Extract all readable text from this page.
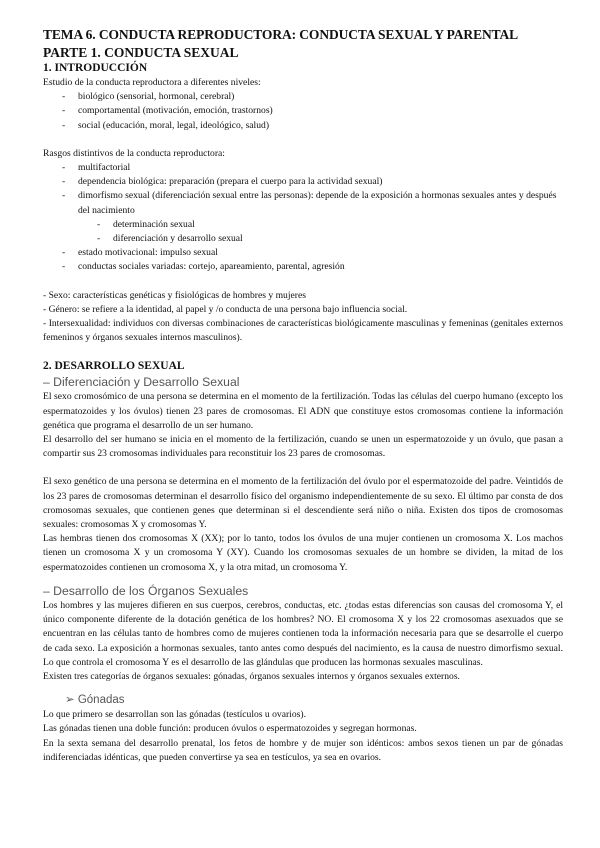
TEMA 6. CONDUCTA REPRODUCTORA: CONDUCTA SEXUAL Y PARENTAL

PARTE 1. CONDUCTA SEXUAL

1. INTRODUCCIÓN

Estudio de la conducta reproductora a diferentes niveles:

- biológico (sensorial, hormonal, cerebral)
- comportamental (motivación, emoción, trastornos)
- social (educación, moral, legal, ideológico, salud)

Rasgos distintivos de la conducta reproductora:

- multifactorial
- dependencia biológica: preparación (prepara el cuerpo para la actividad sexual)
- dimorfismo sexual (diferenciación sexual entre las personas): depende de la exposición a hormonas sexuales antes y después del nacimiento
- determinación sexual
- diferenciación y desarrollo sexual
- estado motivacional: impulso sexual
- conductas sociales variadas: cortejo, apareamiento, parental, agresión

- Sexo: características genéticas y fisiológicas de hombres y mujeres

- Género: se refiere a la identidad, al papel y /o conducta de una persona bajo influencia social.

- Intersexualidad: individuos con diversas combinaciones de características biológicamente masculinas y femeninas (genitales externos femeninos y órganos sexuales internos masculinos).

2. DESARROLLO SEXUAL

– Diferenciación y Desarrollo Sexual

El sexo cromosómico de una persona se determina en el momento de la fertilización. Todas las células del cuerpo humano (excepto los espermatozoides y los óvulos) tienen 23 pares de cromosomas. El ADN que constituye estos cromosomas contiene la información genética que programa el desarrollo de un ser humano.

El desarrollo del ser humano se inicia en el momento de la fertilización, cuando se unen un espermatozoide y un óvulo, que pasan a compartir sus 23 cromosomas individuales para reconstituir los 23 pares de cromosomas.

El sexo genético de una persona se determina en el momento de la fertilización del óvulo por el espermatozoide del padre. Veintidós de los 23 pares de cromosomas determinan el desarrollo físico del organismo independientemente de su sexo. El último par consta de dos cromosomas sexuales, que contienen genes que determinan si el descendiente será niño o niña. Existen dos tipos de cromosomas sexuales: cromosomas X y cromosomas Y.

Las hembras tienen dos cromosomas X (XX); por lo tanto, todos los óvulos de una mujer contienen un cromosoma X. Los machos tienen un cromosoma X y un cromosoma Y (XY). Cuando los cromosomas sexuales de un hombre se dividen, la mitad de los espermatozoides contienen un cromosoma X, y la otra mitad, un cromosoma Y.

– Desarrollo de los Órganos Sexuales

Los hombres y las mujeres difieren en sus cuerpos, cerebros, conductas, etc. ¿todas estas diferencias son causas del cromosoma Y, el único componente diferente de la dotación genética de los hombres? NO. El cromosoma X y los 22 cromosomas asexuados que se encuentran en las células tanto de hombres como de mujeres contienen toda la información necesaria para que se desarrolle el cuerpo de cada sexo. La exposición a hormonas sexuales, tanto antes como después del nacimiento, es la causa de nuestro dimorfismo sexual. Lo que controla el cromosoma Y es el desarrollo de las glándulas que producen las hormonas sexuales masculinas.

Existen tres categorías de órganos sexuales: gónadas, órganos sexuales internos y órganos sexuales externos.

➢ Gónadas

Lo que primero se desarrollan son las gónadas (testículos u ovarios).

Las gónadas tienen una doble función: producen óvulos o espermatozoides y segregan hormonas.

En la sexta semana del desarrollo prenatal, los fetos de hombre y de mujer son idénticos: ambos sexos tienen un par de gónadas indiferenciadas idénticas, que pueden convertirse ya sea en testículos, ya sea en ovarios.
